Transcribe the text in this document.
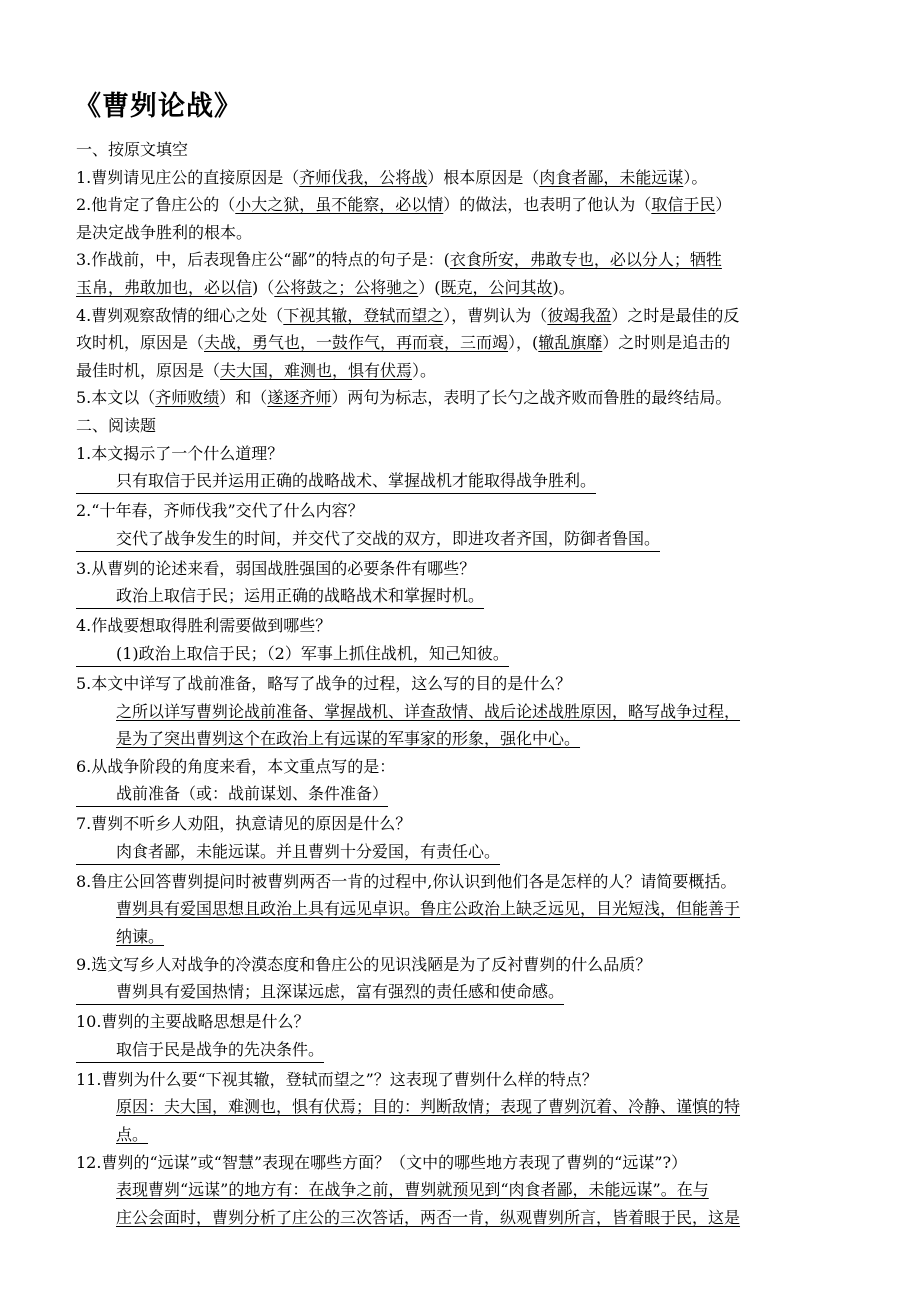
《曹刿论战》
一、按原文填空
1.曹刿请见庄公的直接原因是（齐师伐我，公将战）根本原因是（肉食者鄙，未能远谋）。
2.他肯定了鲁庄公的（小大之狱，虽不能察，必以情）的做法，也表明了他认为（取信于民）
是决定战争胜利的根本。
3.作战前，中，后表现鲁庄公“鄙”的特点的句子是：(衣食所安，弗敢专也，必以分人；牺牲
玉帛，弗敢加也，必以信)（公将鼓之；公将驰之）(既克，公问其故)。
4.曹刿观察敌情的细心之处（下视其辙，登轼而望之），曹刿认为（彼竭我盈）之时是最佳的反
攻时机，原因是（夫战，勇气也，一鼓作气，再而衰，三而竭），(辙乱旗靡）之时则是追击的
最佳时机，原因是（夫大国，难测也，惧有伏焉）。
5.本文以（齐师败绩）和（遂逐齐师）两句为标志，表明了长勺之战齐败而鲁胜的最终结局。
二、阅读题
1.本文揭示了一个什么道理？
只有取信于民并运用正确的战略战术、掌握战机才能取得战争胜利。
2.“十年春，齐师伐我”交代了什么内容？
交代了战争发生的时间，并交代了交战的双方，即进攻者齐国，防御者鲁国。
3.从曹刿的论述来看，弱国战胜强国的必要条件有哪些？
政治上取信于民；运用正确的战略战术和掌握时机。
4.作战要想取得胜利需要做到哪些？
(1)政治上取信于民；（2）军事上抓住战机，知己知彼。
5.本文中详写了战前准备，略写了战争的过程，这么写的目的是什么？
之所以详写曹刿论战前准备、掌握战机、详查敌情、战后论述战胜原因，略写战争过程，
是为了突出曹刿这个在政治上有远谋的军事家的形象，强化中心。
6.从战争阶段的角度来看，本文重点写的是：
战前准备（或：战前谋划、条件准备）
7.曹刿不听乡人劝阻，执意请见的原因是什么？
肉食者鄙，未能远谋。并且曹刿十分爱国，有责任心。
8.鲁庄公回答曹刿提问时被曹刿两否一肯的过程中,你认识到他们各是怎样的人？请简要概括。
曹刿具有爱国思想且政治上具有远见卓识。鲁庄公政治上缺乏远见，目光短浅，但能善于
纳谏。
9.选文写乡人对战争的冷漠态度和鲁庄公的见识浅陋是为了反衬曹刿的什么品质？
曹刿具有爱国热情；且深谋远虑，富有强烈的责任感和使命感。
10.曹刿的主要战略思想是什么？
取信于民是战争的先决条件。
11.曹刿为什么要“下视其辙，登轼而望之”？这表现了曹刿什么样的特点？
原因：夫大国，难测也，惧有伏焉；目的：判断敌情；表现了曹刿沉着、冷静、谨慎的特
点。
12.曹刿的“远谋”或“智慧”表现在哪些方面？（文中的哪些地方表现了曹刿的“远谋”?）
表现曹刿“远谋”的地方有：在战争之前，曹刿就预见到“肉食者鄙，未能远谋”。在与
庄公会面时，曹刿分析了庄公的三次答话，两否一肯，纵观曹刿所言，皆着眼于民，这是
